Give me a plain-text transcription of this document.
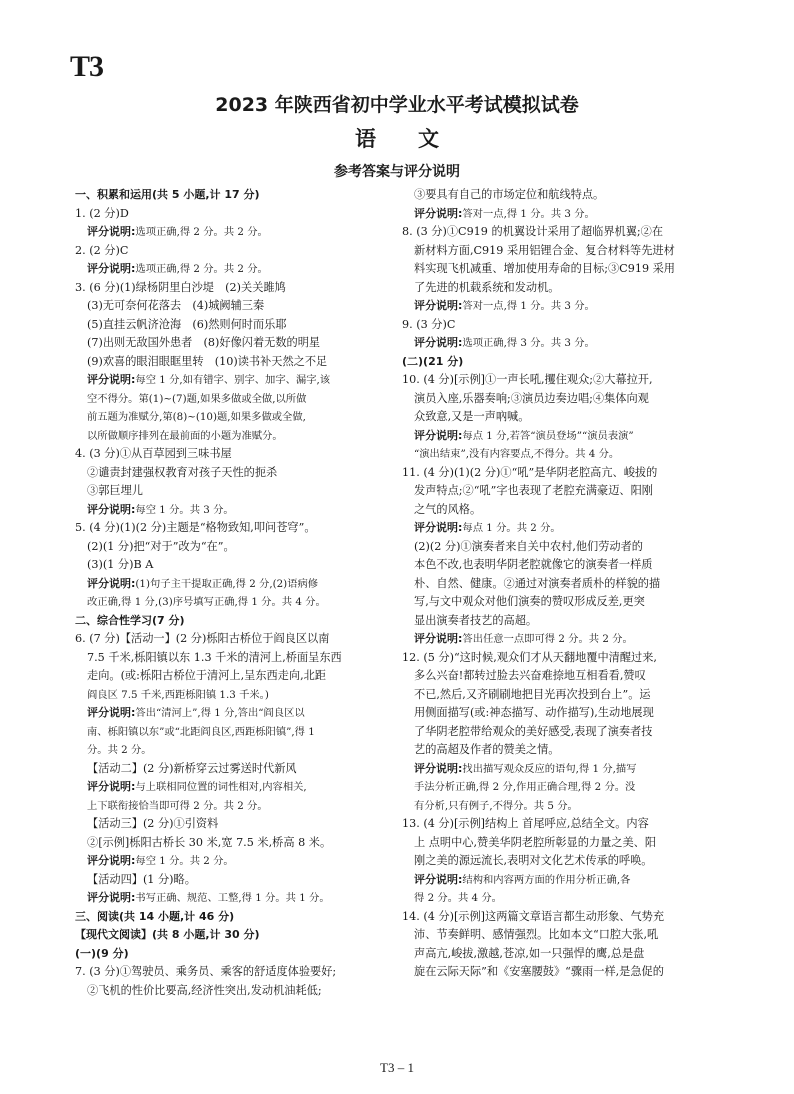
T3
2023 年陕西省初中学业水平考试模拟试卷
语文
参考答案与评分说明
一、积累和运用(共 5 小题,计 17 分)
1. (2 分)D
评分说明:选项正确,得 2 分。共 2 分。
2. (2 分)C
评分说明:选项正确,得 2 分。共 2 分。
3. (6 分)(1)绿杨阴里白沙堤　(2)关关雎鸠
(3)无可奈何花落去　(4)城阙辅三秦
(5)直挂云帆济沧海　(6)然则何时而乐耶
(7)出则无敌国外患者　(8)好像闪着无数的明星
(9)欢喜的眼泪眼眶里转　(10)读书补天然之不足
评分说明:每空 1 分,如有错字、别字、加字、漏字,该
空不得分。第(1)~(7)题,如果多做或全做,以所做
前五题为准赋分,第(8)~(10)题,如果多做或全做,
以所做顺序排列在最前面的小题为准赋分。
4. (3 分)①从百草园到三味书屋
②谴责封建强权教育对孩子天性的扼杀
③郭巨埋儿
评分说明:每空 1 分。共 3 分。
5. (4 分)(1)(2 分)主题是“格物致知,叩问苍穹”。
(2)(1 分)把“对于”改为“在”。
(3)(1 分)B A
评分说明:(1)句子主干提取正确,得 2 分,(2)语病修
改正确,得 1 分,(3)序号填写正确,得 1 分。共 4 分。
二、综合性学习(7 分)
6. (7 分)【活动一】(2 分)栎阳古桥位于阎良区以南
7.5 千米,栎阳镇以东 1.3 千米的清河上,桥面呈东西
走向。(或:栎阳古桥位于清河上,呈东西走向,北距
阎良区 7.5 千米,西距栎阳镇 1.3 千米。)
评分说明:答出“清河上”,得 1 分,答出“阎良区以
南、栎阳镇以东”或“北距阎良区,西距栎阳镇”,得 1
分。共 2 分。
【活动二】(2 分)新桥穿云过雾送时代新风
评分说明:与上联相同位置的词性相对,内容相关,
上下联衔接恰当即可得 2 分。共 2 分。
【活动三】(2 分)①引资料
②[示例]栎阳古桥长 30 米,宽 7.5 米,桥高 8 米。
评分说明:每空 1 分。共 2 分。
【活动四】(1 分)略。
评分说明:书写正确、规范、工整,得 1 分。共 1 分。
三、阅读(共 14 小题,计 46 分)
【现代文阅读】(共 8 小题,计 30 分)
(一)(9 分)
7. (3 分)①驾驶员、乘务员、乘客的舒适度体验要好;
②飞机的性价比要高,经济性突出,发动机油耗低;
③要具有自己的市场定位和航线特点。
评分说明:答对一点,得 1 分。共 3 分。
8. (3 分)①C919 的机翼设计采用了超临界机翼;②在
新材料方面,C919 采用铝锂合金、复合材料等先进材
料实现飞机减重、增加使用寿命的目标;③C919 采用
了先进的机载系统和发动机。
评分说明:答对一点,得 1 分。共 3 分。
9. (3 分)C
评分说明:选项正确,得 3 分。共 3 分。
(二)(21 分)
10. (4 分)[示例]①一声长吼,攫住观众;②大幕拉开,
演员入座,乐器奏响;③演员边奏边唱;④集体向观
众致意,又是一声吶喊。
评分说明:每点 1 分,若答“演员登场”“演员表演”
“演出结束”,没有内容要点,不得分。共 4 分。
11. (4 分)(1)(2 分)①“吼”是华阴老腔高亢、峻拔的
发声特点;②“吼”字也表现了老腔充满豪迈、阳刚
之气的风格。
评分说明:每点 1 分。共 2 分。
(2)(2 分)①演奏者来自关中农村,他们劳动者的
本色不改,也表明华阴老腔就像它的演奏者一样质
朴、自然、健康。②通过对演奏者质朴的样貌的描
写,与文中观众对他们演奏的赞叹形成反差,更突
显出演奏者技艺的高超。
评分说明:答出任意一点即可得 2 分。共 2 分。
12. (5 分)“这时候,观众们才从天翻地覆中清醒过来,
多么兴奋!都转过脸去兴奋难捺地互相看看,赞叹
不已,然后,又齐刷刷地把目光再次投到台上”。运
用侧面描写(或:神态描写、动作描写),生动地展现
了华阴老腔带给观众的美好感受,表现了演奏者技
艺的高超及作者的赞美之情。
评分说明:找出描写观众反应的语句,得 1 分,描写
手法分析正确,得 2 分,作用正确合理,得 2 分。没
有分析,只有例子,不得分。共 5 分。
13. (4 分)[示例]结构上 首尾呼应,总结全文。内容
上 点明中心,赞美华阴老腔所彰显的力量之美、阳
刚之美的源远流长,表明对文化艺术传承的呼唤。
评分说明:结构和内容两方面的作用分析正确,各
得 2 分。共 4 分。
14. (4 分)[示例]这两篇文章语言都生动形象、气势充
沛、节奏鲜明、感情强烈。比如本文“口腔大张,吼
声高亢,峻拔,激越,苍凉,如一只强悍的鹰,总是盘
旋在云际天际”和《安塞腰鼓》“骤雨一样,是急促的
T3 – 1
